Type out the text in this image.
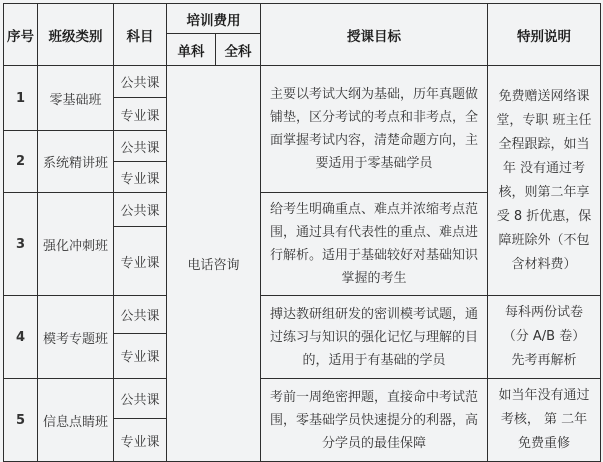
序号	班级类别	科目	培训费用		授课目标	特别说明
			单科	全科		
1	零基础班	公共课	电话咨询		主要以考试大纲为基础，历年真题做铺垫，区分考试的考点和非考点，全面掌握考试内容，清楚命题方向，主要适用于零基础学员	免费赠送网络课堂，专职 班主任全程跟踪，如当年 没有通过考核，则第二年享受 8 折优惠，保障班除外（不包含材料费）
		专业课				
2	系统精讲班	公共课				
		专业课				
3	强化冲刺班	公共课			给考生明确重点、难点并浓缩考点范围，通过具有代表性的重点、难点进行解析。适用于基础较好对基础知识掌握的考生	
		专业课				
4	模考专题班	公共课			搏达教研组研发的密训模考试题，通过练习与知识的强化记忆与理解的目的，适用于有基础的学员	每科两份试卷（分 A/B 卷） 先考再解析
		专业课				
5	信息点睛班	公共课			考前一周绝密押题，直接命中考试范围，零基础学员快速提分的利器，高分学员的最佳保障	如当年没有通过考核， 第 二年免费重修
		专业课				
